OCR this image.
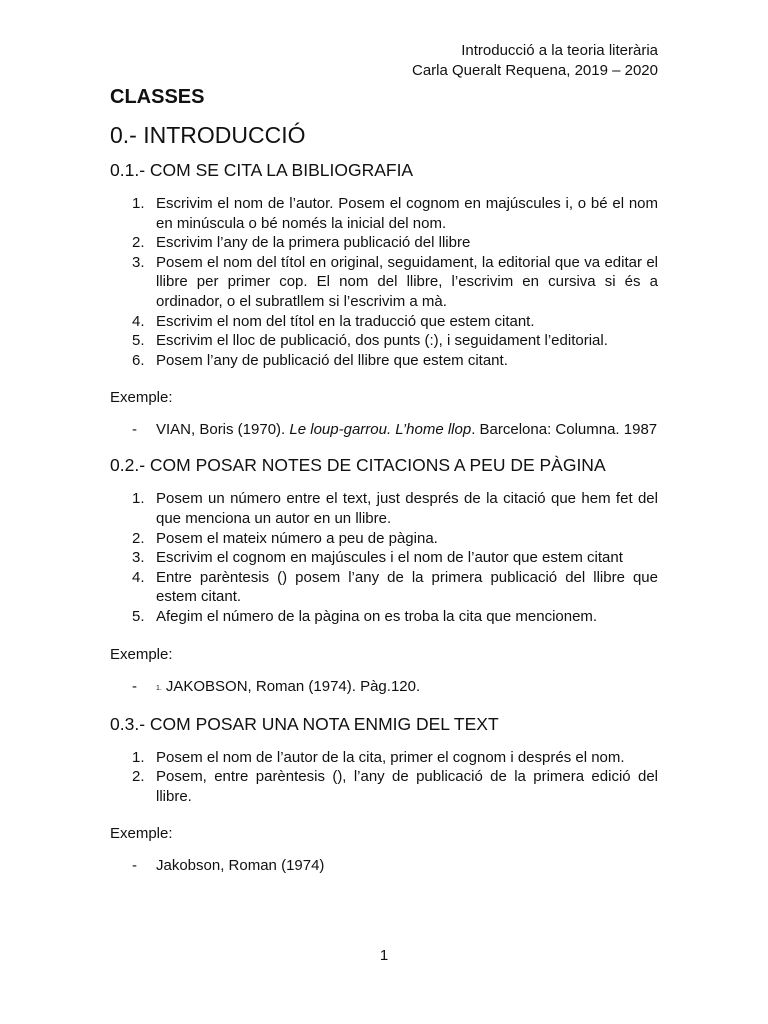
Introducció a la teoria literària
Carla Queralt Requena, 2019 – 2020
CLASSES
0.- INTRODUCCIÓ
0.1.- COM SE CITA LA BIBLIOGRAFIA
1. Escrivim el nom de l’autor. Posem el cognom en majúscules i, o bé el nom en minúscula o bé només la inicial del nom.
2. Escrivim l’any de la primera publicació del llibre
3. Posem el nom del títol en original, seguidament, la editorial que va editar el llibre per primer cop. El nom del llibre, l’escrivim en cursiva si és a ordinador, o el subratllem si l’escrivim a mà.
4. Escrivim el nom del títol en la traducció que estem citant.
5. Escrivim el lloc de publicació, dos punts (:), i seguidament l’editorial.
6. Posem l’any de publicació del llibre que estem citant.

Exemple:

- VIAN, Boris (1970). Le loup-garrou. L’home llop. Barcelona: Columna. 1987
0.2.- COM POSAR NOTES DE CITACIONS A PEU DE PÀGINA
1. Posem un número entre el text, just després de la citació que hem fet del que menciona un autor en un llibre.
2. Posem el mateix número a peu de pàgina.
3. Escrivim el cognom en majúscules i el nom de l’autor que estem citant
4. Entre parèntesis () posem l’any de la primera publicació del llibre que estem citant.
5. Afegim el número de la pàgina on es troba la cita que mencionem.

Exemple:

-	1. JAKOBSON, Roman (1974). Pàg.120.
0.3.- COM POSAR UNA NOTA ENMIG DEL TEXT
1. Posem el nom de l’autor de la cita, primer el cognom i després el nom.
2. Posem, entre parèntesis (), l’any de publicació de la primera edició del llibre.

Exemple:

- Jakobson, Roman (1974)
1
